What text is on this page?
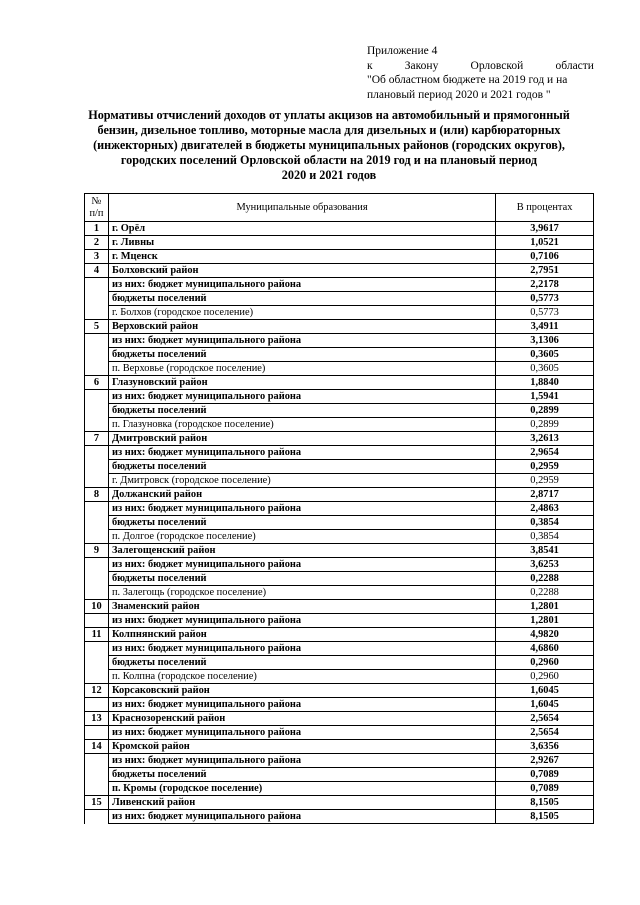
Приложение 4
к	Закону	Орловской	области
"Об областном бюджете на 2019 год и на
плановый период 2020 и 2021 годов "
Нормативы отчислений доходов от уплаты акцизов на автомобильный и прямогонный
бензин, дизельное топливо, моторные масла для дизельных и (или) карбюраторных
(инжекторных) двигателей в бюджеты муниципальных районов (городских округов),
городских поселений Орловской области на 2019 год и на плановый период
2020 и 2021 годов
№
п/п	Муниципальные образования	В процентах
1	г. Орёл	3,9617
2	г. Ливны	1,0521
3	г. Мценск	0,7106
4	Болховский район	2,7951
	из них: бюджет муниципального района	2,2178
	бюджеты поселений	0,5773
	г. Болхов (городское поселение)	0,5773
5	Верховский район	3,4911
	из них: бюджет муниципального района	3,1306
	бюджеты поселений	0,3605
	п. Верховье (городское поселение)	0,3605
6	Глазуновский район	1,8840
	из них: бюджет муниципального района	1,5941
	бюджеты поселений	0,2899
	п. Глазуновка (городское поселение)	0,2899
7	Дмитровский район	3,2613
	из них: бюджет муниципального района	2,9654
	бюджеты поселений	0,2959
	г. Дмитровск (городское поселение)	0,2959
8	Должанский район	2,8717
	из них: бюджет муниципального района	2,4863
	бюджеты поселений	0,3854
	п. Долгое (городское поселение)	0,3854
9	Залегощенский район	3,8541
	из них: бюджет муниципального района	3,6253
	бюджеты поселений	0,2288
	п. Залегощь (городское поселение)	0,2288
10	Знаменский район	1,2801
	из них: бюджет муниципального района	1,2801
11	Колпнянский район	4,9820
	из них: бюджет муниципального района	4,6860
	бюджеты поселений	0,2960
	п. Колпна (городское поселение)	0,2960
12	Корсаковский район	1,6045
	из них: бюджет муниципального района	1,6045
13	Краснозоренский район	2,5654
	из них: бюджет муниципального района	2,5654
14	Кромской район	3,6356
	из них: бюджет муниципального района	2,9267
	бюджеты поселений	0,7089
	п. Кромы (городское поселение)	0,7089
15	Ливенский район	8,1505
	из них: бюджет муниципального района	8,1505
